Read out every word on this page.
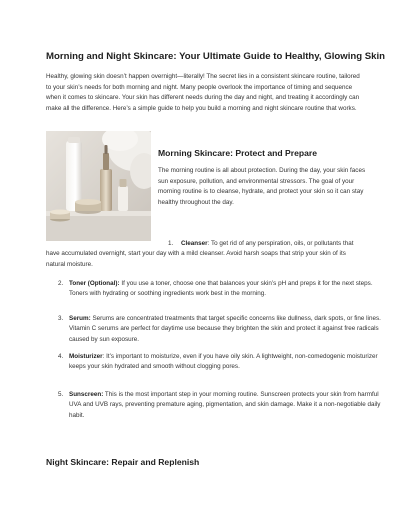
Morning and Night Skincare: Your Ultimate Guide to Healthy, Glowing Skin
Healthy, glowing skin doesn’t happen overnight—literally! The secret lies in a consistent skincare routine, tailored to your skin’s needs for both morning and night. Many people overlook the importance of timing and sequence when it comes to skincare. Your skin has different needs during the day and night, and treating it accordingly can make all the difference. Here’s a simple guide to help you build a morning and night skincare routine that works.
Morning Skincare: Protect and Prepare
The morning routine is all about protection. During the day, your skin faces sun exposure, pollution, and environmental stressors. The goal of your morning routine is to cleanse, hydrate, and protect your skin so it can stay healthy throughout the day.
1.	Cleanser: To get rid of any perspiration, oils, or pollutants that have accumulated overnight, start your day with a mild cleanser. Avoid harsh soaps that strip your skin of its natural moisture.
2. Toner (Optional): If you use a toner, choose one that balances your skin’s pH and preps it for the next steps. Toners with hydrating or soothing ingredients work best in the morning.
3. Serum: Serums are concentrated treatments that target specific concerns like dullness, dark spots, or fine lines. Vitamin C serums are perfect for daytime use because they brighten the skin and protect it against free radicals caused by sun exposure.
4. Moisturizer: It’s important to moisturize, even if you have oily skin. A lightweight, non-comedogenic moisturizer keeps your skin hydrated and smooth without clogging pores.
5. Sunscreen: This is the most important step in your morning routine. Sunscreen protects your skin from harmful UVA and UVB rays, preventing premature aging, pigmentation, and skin damage. Make it a non-negotiable daily habit.
Night Skincare: Repair and Replenish
